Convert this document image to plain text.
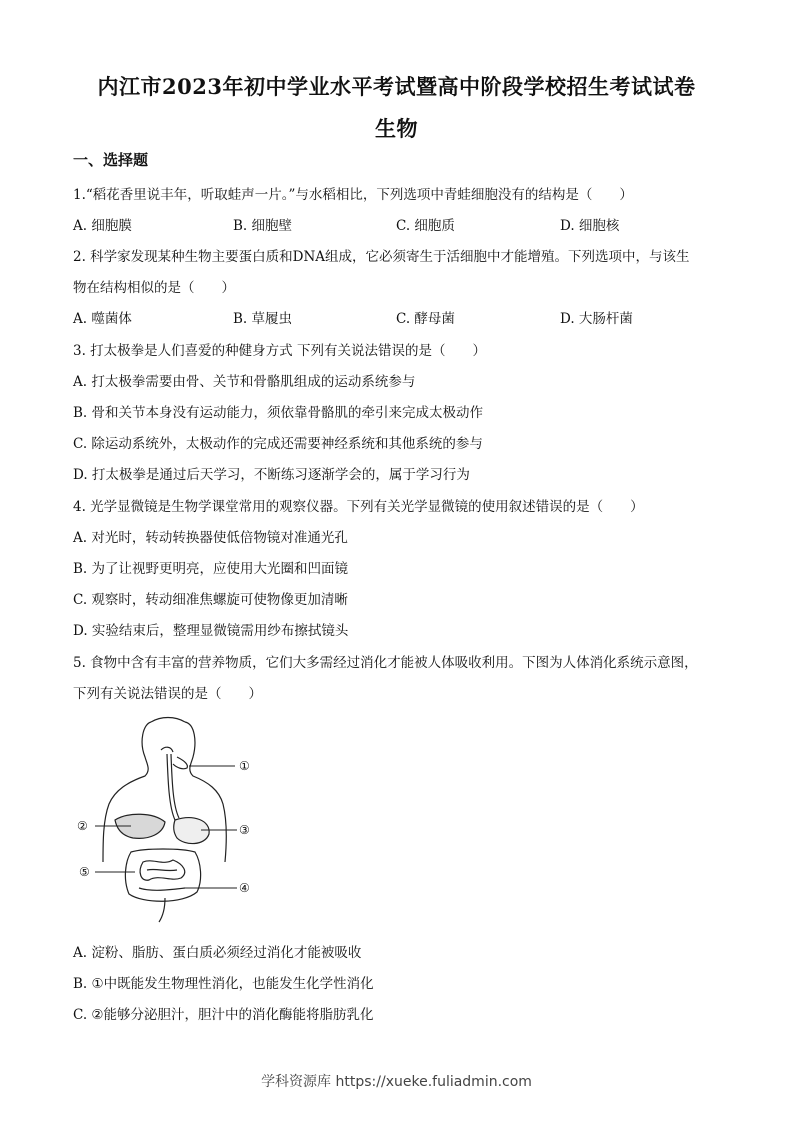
内江市2023年初中学业水平考试暨高中阶段学校招生考试试卷
生物
一、选择题
1.“稻花香里说丰年，听取蛙声一片。”与水稻相比，下列选项中青蛙细胞没有的结构是（　　）
A. 细胞膜	B. 细胞壁	C. 细胞质	D. 细胞核
2. 科学家发现某种生物主要蛋白质和DNA组成，它必须寄生于活细胞中才能增殖。下列选项中，与该生
物在结构相似的是（　　）
A. 噬菌体	B. 草履虫	C. 酵母菌	D. 大肠杆菌
3. 打太极拳是人们喜爱的种健身方式 下列有关说法错误的是（　　）
A. 打太极拳需要由骨、关节和骨骼肌组成的运动系统参与
B. 骨和关节本身没有运动能力，须依靠骨骼肌的牵引来完成太极动作
C. 除运动系统外，太极动作的完成还需要神经系统和其他系统的参与
D. 打太极拳是通过后天学习，不断练习逐渐学会的，属于学习行为
4. 光学显微镜是生物学课堂常用的观察仪器。下列有关光学显微镜的使用叙述错误的是（　　）
A. 对光时，转动转换器使低倍物镜对准通光孔
B. 为了让视野更明亮，应使用大光圈和凹面镜
C. 观察时，转动细准焦螺旋可使物像更加清晰
D. 实验结束后，整理显微镜需用纱布擦拭镜头
5. 食物中含有丰富的营养物质，它们大多需经过消化才能被人体吸收利用。下图为人体消化系统示意图，
下列有关说法错误的是（　　）
①
②	③
④
⑤
A. 淀粉、脂肪、蛋白质必须经过消化才能被吸收
B. ①中既能发生物理性消化，也能发生化学性消化
C. ②能够分泌胆汁，胆汁中的消化酶能将脂肪乳化
学科资源库 https://xueke.fuliadmin.com
